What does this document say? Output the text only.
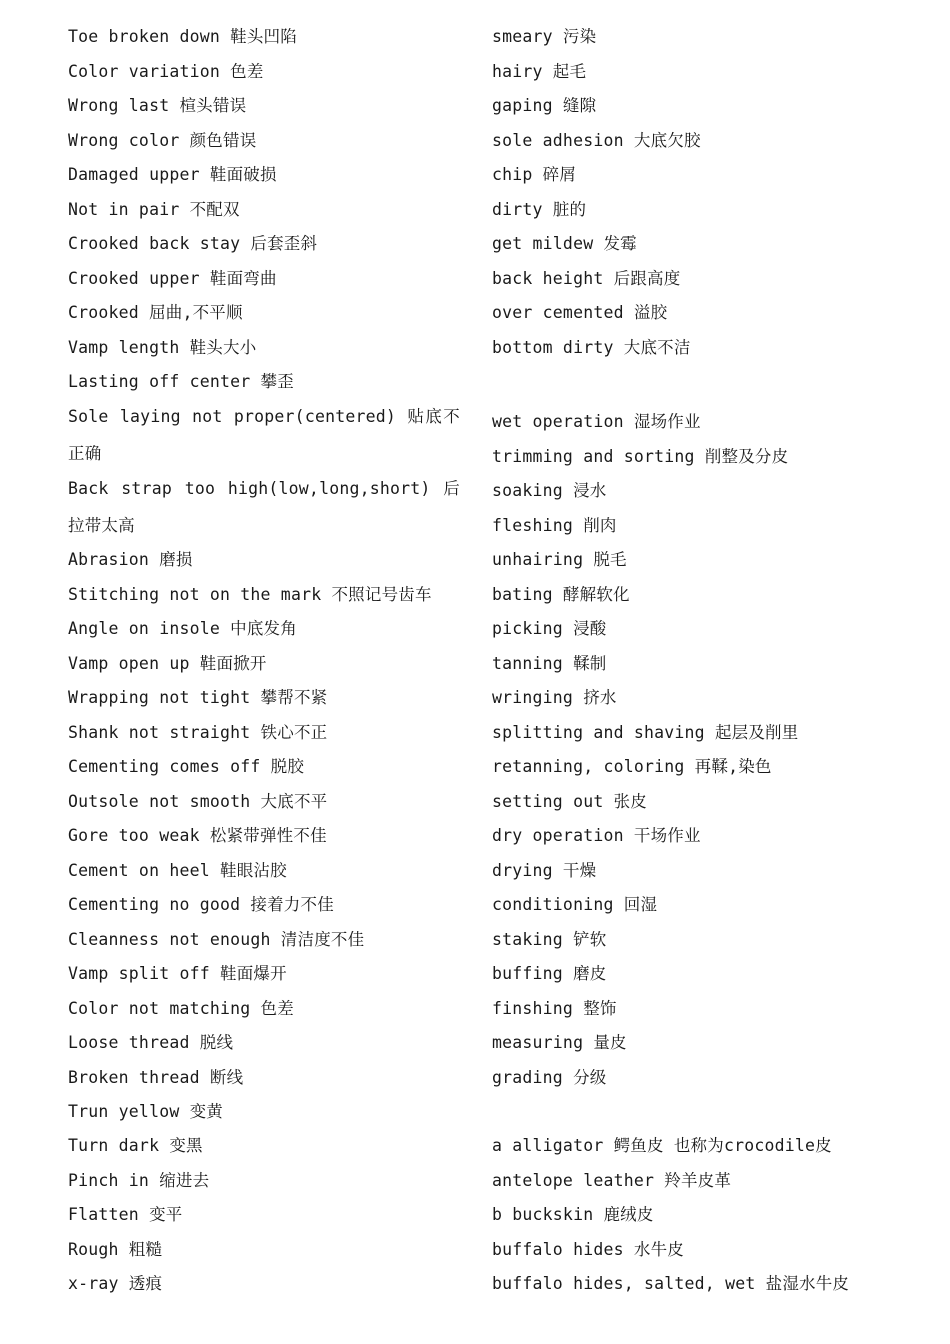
Toe broken down 鞋头凹陷
Color variation 色差
Wrong last 楦头错误
Wrong color 颜色错误
Damaged upper 鞋面破损
Not in pair 不配双
Crooked back stay 后套歪斜
Crooked upper 鞋面弯曲
Crooked 屈曲,不平顺
Vamp length 鞋头大小
Lasting off center 攀歪
Sole laying not proper(centered) 贴底不正确
Back strap too high(low,long,short) 后拉带太高
Abrasion 磨损
Stitching not on the mark 不照记号齿车
Angle on insole 中底发角
Vamp open up 鞋面掀开
Wrapping not tight 攀帮不紧
Shank not straight 铁心不正
Cementing comes off 脱胶
Outsole not smooth 大底不平
Gore too weak 松紧带弹性不佳
Cement on heel 鞋眼沾胶
Cementing no good 接着力不佳
Cleanness not enough 清洁度不佳
Vamp split off 鞋面爆开
Color not matching 色差
Loose thread 脱线
Broken thread 断线
Trun yellow 变黄
Turn dark 变黑
Pinch in 缩进去
Flatten 变平
Rough 粗糙
x-ray 透痕
smeary 污染
hairy 起毛
gaping 缝隙
sole adhesion 大底欠胶
chip 碎屑
dirty 脏的
get mildew 发霉
back height 后跟高度
over cemented 溢胶
bottom dirty 大底不洁
wet operation 湿场作业
trimming and sorting 削整及分皮
soaking 浸水
fleshing 削肉
unhairing 脱毛
bating 酵解软化
picking 浸酸
tanning 鞣制
wringing 挤水
splitting and shaving 起层及削里
retanning, coloring 再鞣,染色
setting out 张皮
dry operation 干场作业
drying 干燥
conditioning 回湿
staking 铲软
buffing 磨皮
finshing 整饰
measuring 量皮
grading 分级
a alligator 鳄鱼皮 也称为crocodile皮
antelope leather 羚羊皮革
b buckskin 鹿绒皮
buffalo hides 水牛皮
buffalo hides, salted, wet 盐湿水牛皮
